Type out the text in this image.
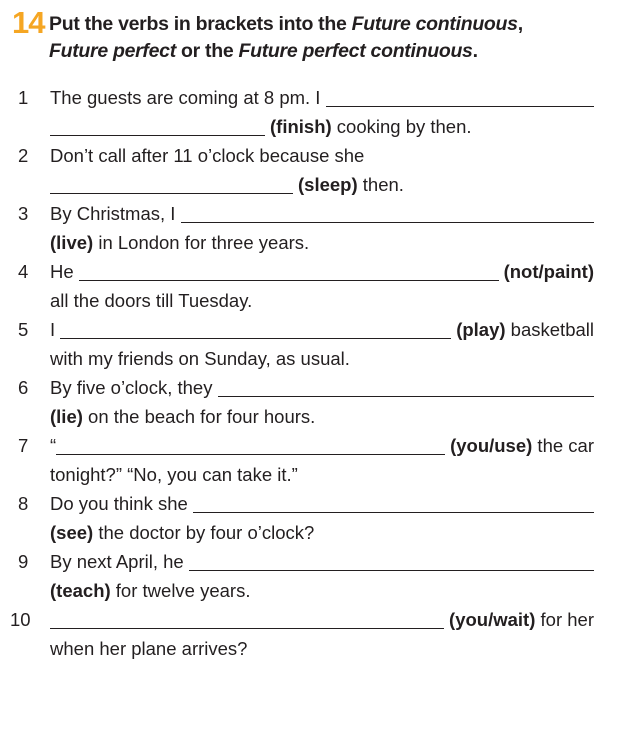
14 Put the verbs in brackets into the Future continuous,
Future perfect or the Future perfect continuous.
1	The guests are coming at 8 pm. I
(finish) cooking by then.
2	Don’t call after 11 o’clock because she
(sleep) then.
3	By Christmas, I
(live) in London for three years.
4	He	(not/paint)
all the doors till Tuesday.
5	I	(play) basketball
with my friends on Sunday, as usual.
6	By five o’clock, they
(lie) on the beach for four hours.
7	“	(you/use) the car
tonight?” “No, you can take it.”
8	Do you think she
(see) the doctor by four o’clock?
9	By next April, he
(teach) for twelve years.
10	(you/wait) for her
when her plane arrives?
